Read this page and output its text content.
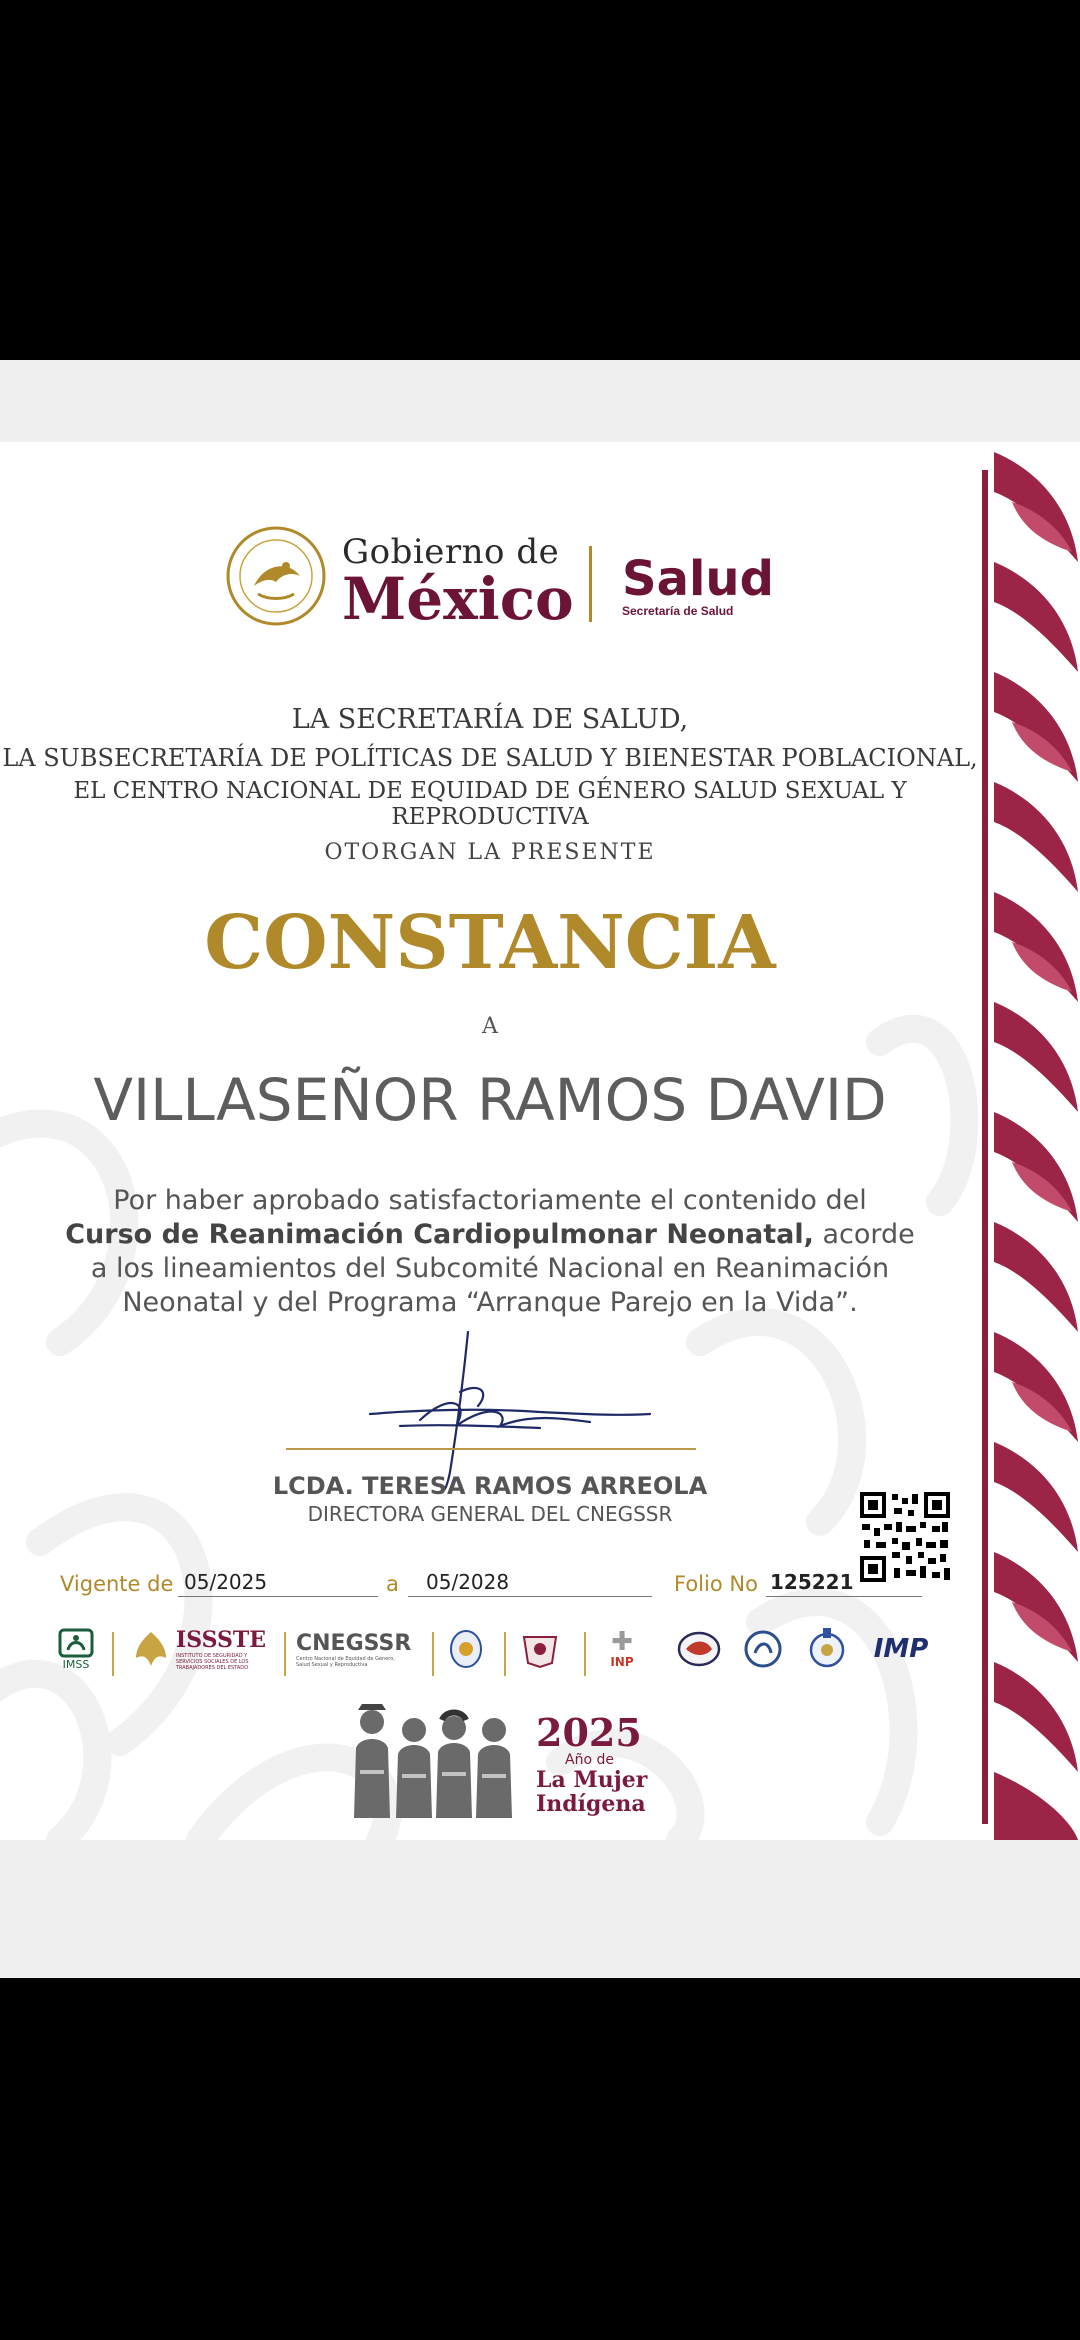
Gobierno de
México Salud
Secretaría de Salud
LA SECRETARÍA DE SALUD,
LA SUBSECRETARÍA DE POLÍTICAS DE SALUD Y BIENESTAR POBLACIONAL,
EL CENTRO NACIONAL DE EQUIDAD DE GÉNERO SALUD SEXUAL Y REPRODUCTIVA
OTORGAN LA PRESENTE
CONSTANCIA
A
VILLASEÑOR RAMOS DAVID
Por haber aprobado satisfactoriamente el contenido del
Curso de Reanimación Cardiopulmonar Neonatal, acorde
a los lineamientos del Subcomité Nacional en Reanimación
Neonatal y del Programa “Arranque Parejo en la Vida”.
LCDA. TERESA RAMOS ARREOLA
DIRECTORA GENERAL DEL CNEGSSR
Vigente de 05/2025	a 05/2028	Folio No 125221
IMSS
ISSSTE
INSTITUTO DE SEGURIDAD Y SERVICIOS SOCIALES DE LOS TRABAJADORES DEL ESTADO
CNEGSSR
Centro Nacional de Equidad de Género, Salud Sexual y Reproductiva
✚
INP	IMP
2025
Año de
La Mujer
Indígena
